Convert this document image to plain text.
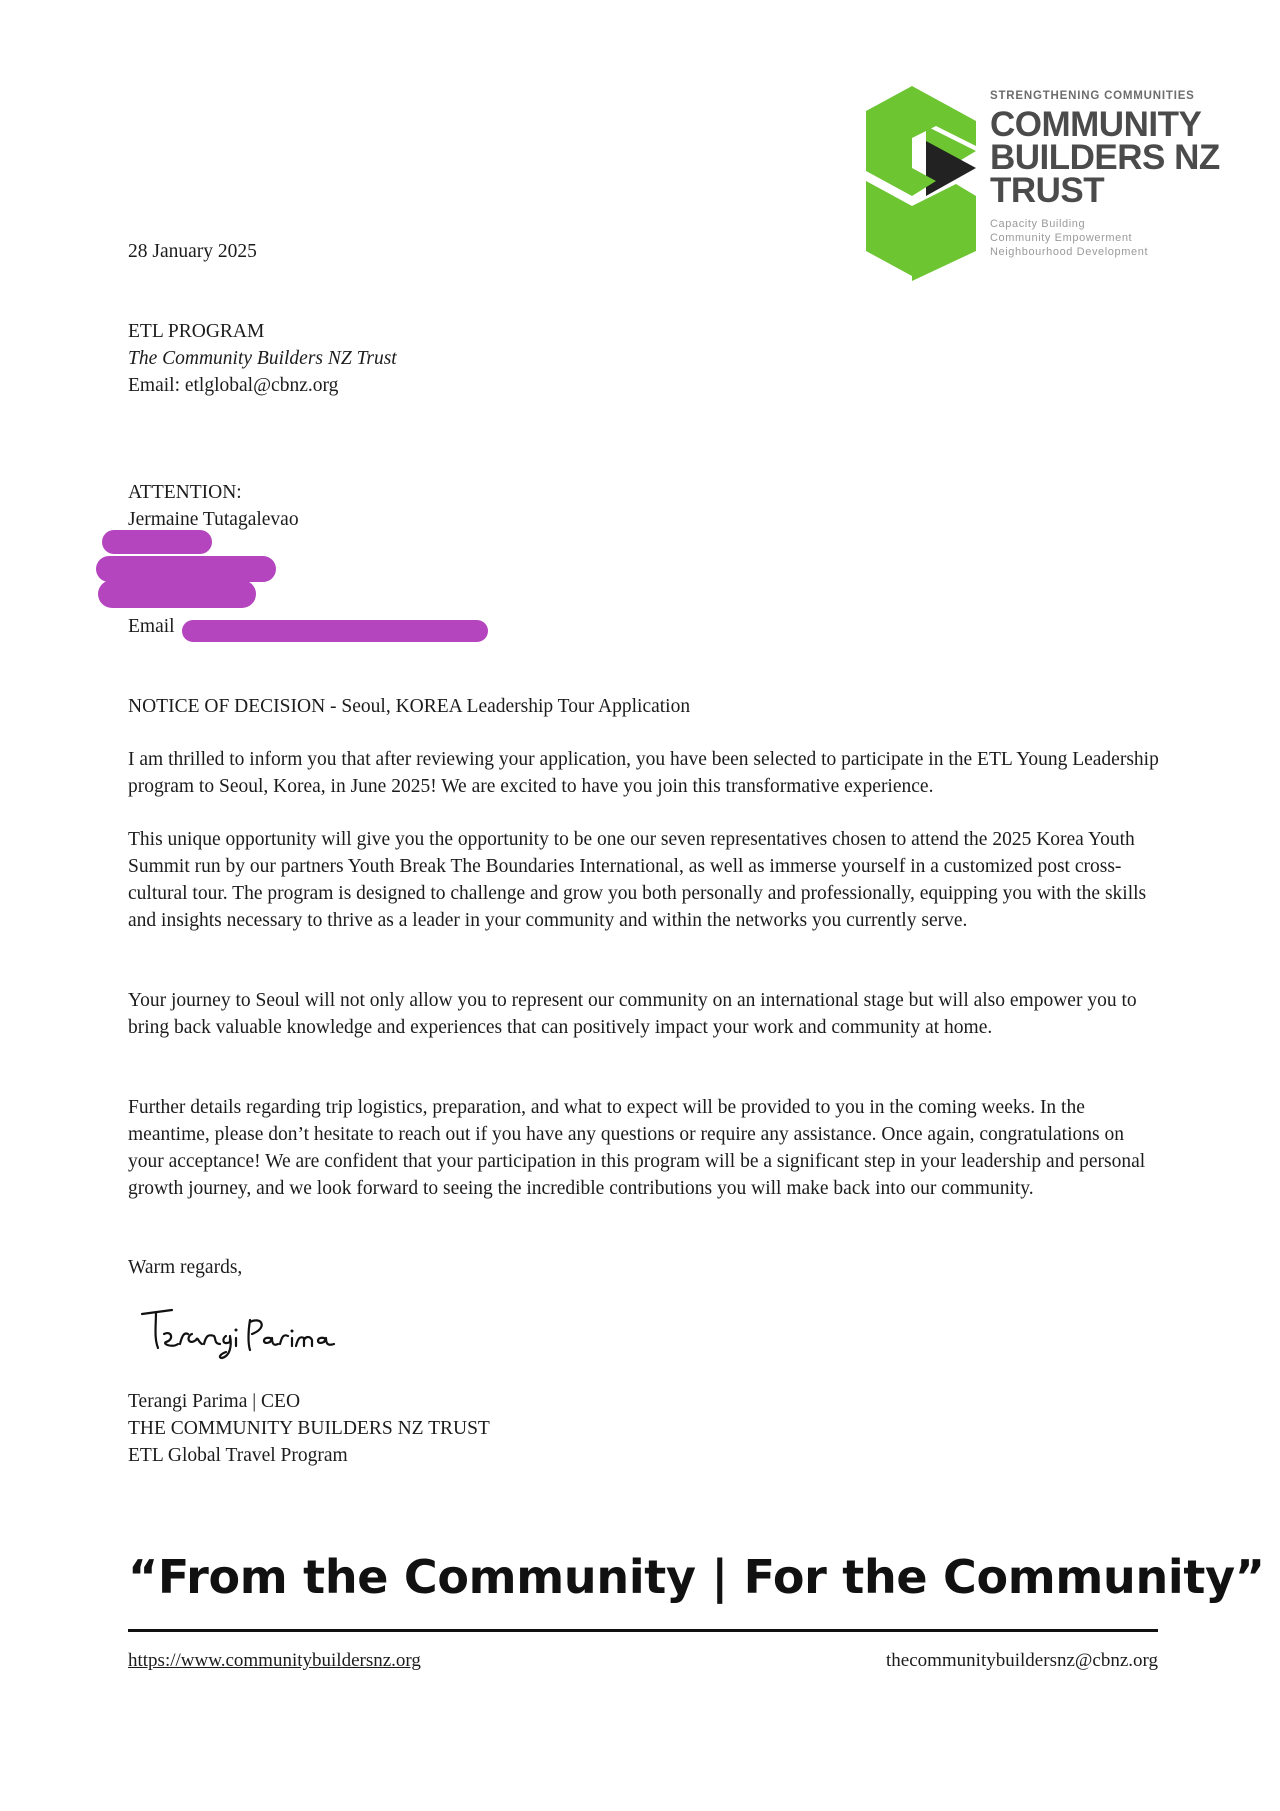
STRENGTHENING COMMUNITIES
COMMUNITY
BUILDERS NZ
TRUST
Capacity Building
Community Empowerment
Neighbourhood Development
28 January 2025
ETL PROGRAM
The Community Builders NZ Trust
Email: etlglobal@cbnz.org
ATTENTION:
Jermaine Tutagalevao
Email
NOTICE OF DECISION - Seoul, KOREA Leadership Tour Application
I am thrilled to inform you that after reviewing your application, you have been selected to participate in the ETL Young Leadership program to Seoul, Korea, in June 2025! We are excited to have you join this transformative experience.
This unique opportunity will give you the opportunity to be one our seven representatives chosen to attend the 2025 Korea Youth Summit run by our partners Youth Break The Boundaries International, as well as immerse yourself in a customized post cross-cultural tour. The program is designed to challenge and grow you both personally and professionally, equipping you with the skills and insights necessary to thrive as a leader in your community and within the networks you currently serve.
Your journey to Seoul will not only allow you to represent our community on an international stage but will also empower you to bring back valuable knowledge and experiences that can positively impact your work and community at home.
Further details regarding trip logistics, preparation, and what to expect will be provided to you in the coming weeks. In the meantime, please don’t hesitate to reach out if you have any questions or require any assistance. Once again, congratulations on your acceptance! We are confident that your participation in this program will be a significant step in your leadership and personal growth journey, and we look forward to seeing the incredible contributions you will make back into our community.
Warm regards,
Terangi Parima | CEO
THE COMMUNITY BUILDERS NZ TRUST
ETL Global Travel Program
“From the Community | For the Community”
https://www.communitybuildersnz.org	thecommunitybuildersnz@cbnz.org
